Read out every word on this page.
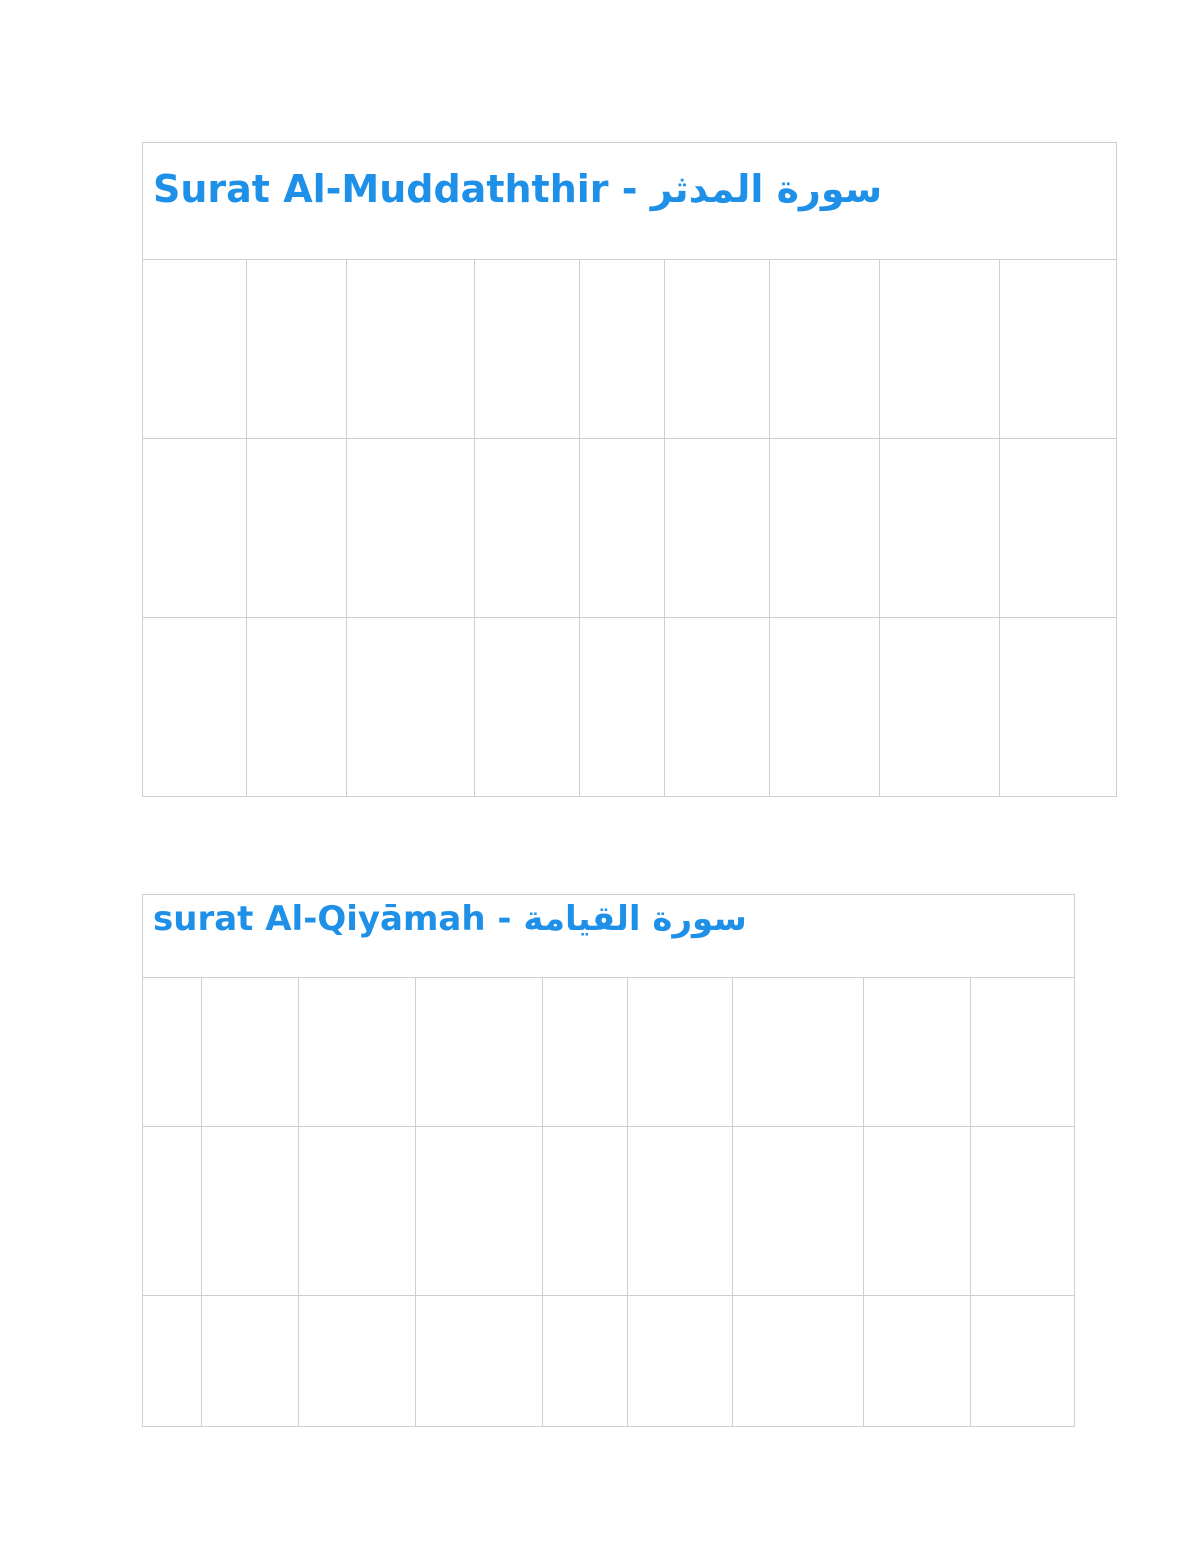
Surat Al-Muddaththir - سورة المدثر								

surat Al-Qiyāmah - سورة القيامة								
